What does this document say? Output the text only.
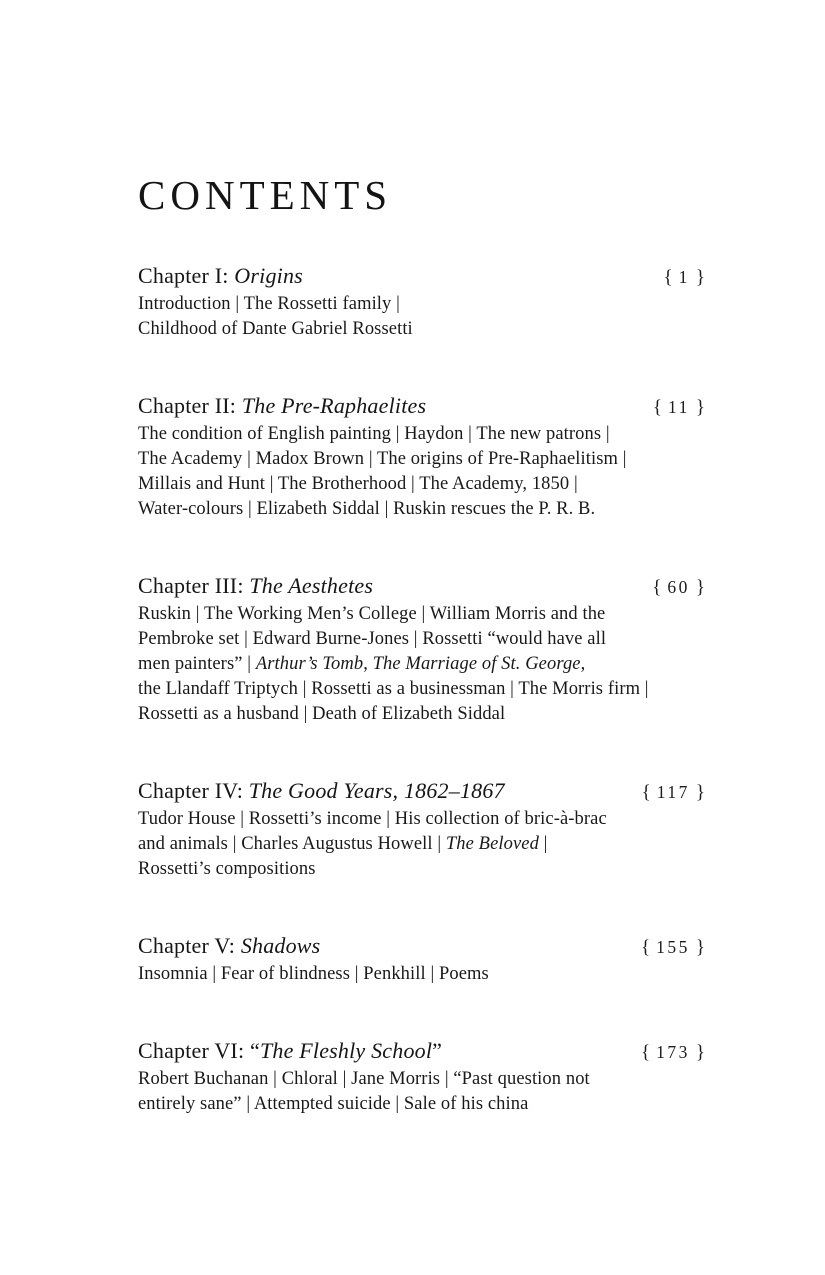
CONTENTS
Chapter I: Origins	{ 1 }
Introduction | The Rossetti family |
Childhood of Dante Gabriel Rossetti
Chapter II: The Pre-Raphaelites	{ 11 }
The condition of English painting | Haydon | The new patrons |
The Academy | Madox Brown | The origins of Pre-Raphaelitism |
Millais and Hunt | The Brotherhood | The Academy, 1850 |
Water-colours | Elizabeth Siddal | Ruskin rescues the P. R. B.
Chapter III: The Aesthetes	{ 60 }
Ruskin | The Working Men’s College | William Morris and the
Pembroke set | Edward Burne-Jones | Rossetti “would have all
men painters” | Arthur’s Tomb, The Marriage of St. George,
the Llandaff Triptych | Rossetti as a businessman | The Morris firm |
Rossetti as a husband | Death of Elizabeth Siddal
Chapter IV: The Good Years, 1862–1867	{ 117 }
Tudor House | Rossetti’s income | His collection of bric-à-brac
and animals | Charles Augustus Howell | The Beloved |
Rossetti’s compositions
Chapter V: Shadows	{ 155 }
Insomnia | Fear of blindness | Penkhill | Poems
Chapter VI: “The Fleshly School”	{ 173 }
Robert Buchanan | Chloral | Jane Morris | “Past question not
entirely sane” | Attempted suicide | Sale of his china
